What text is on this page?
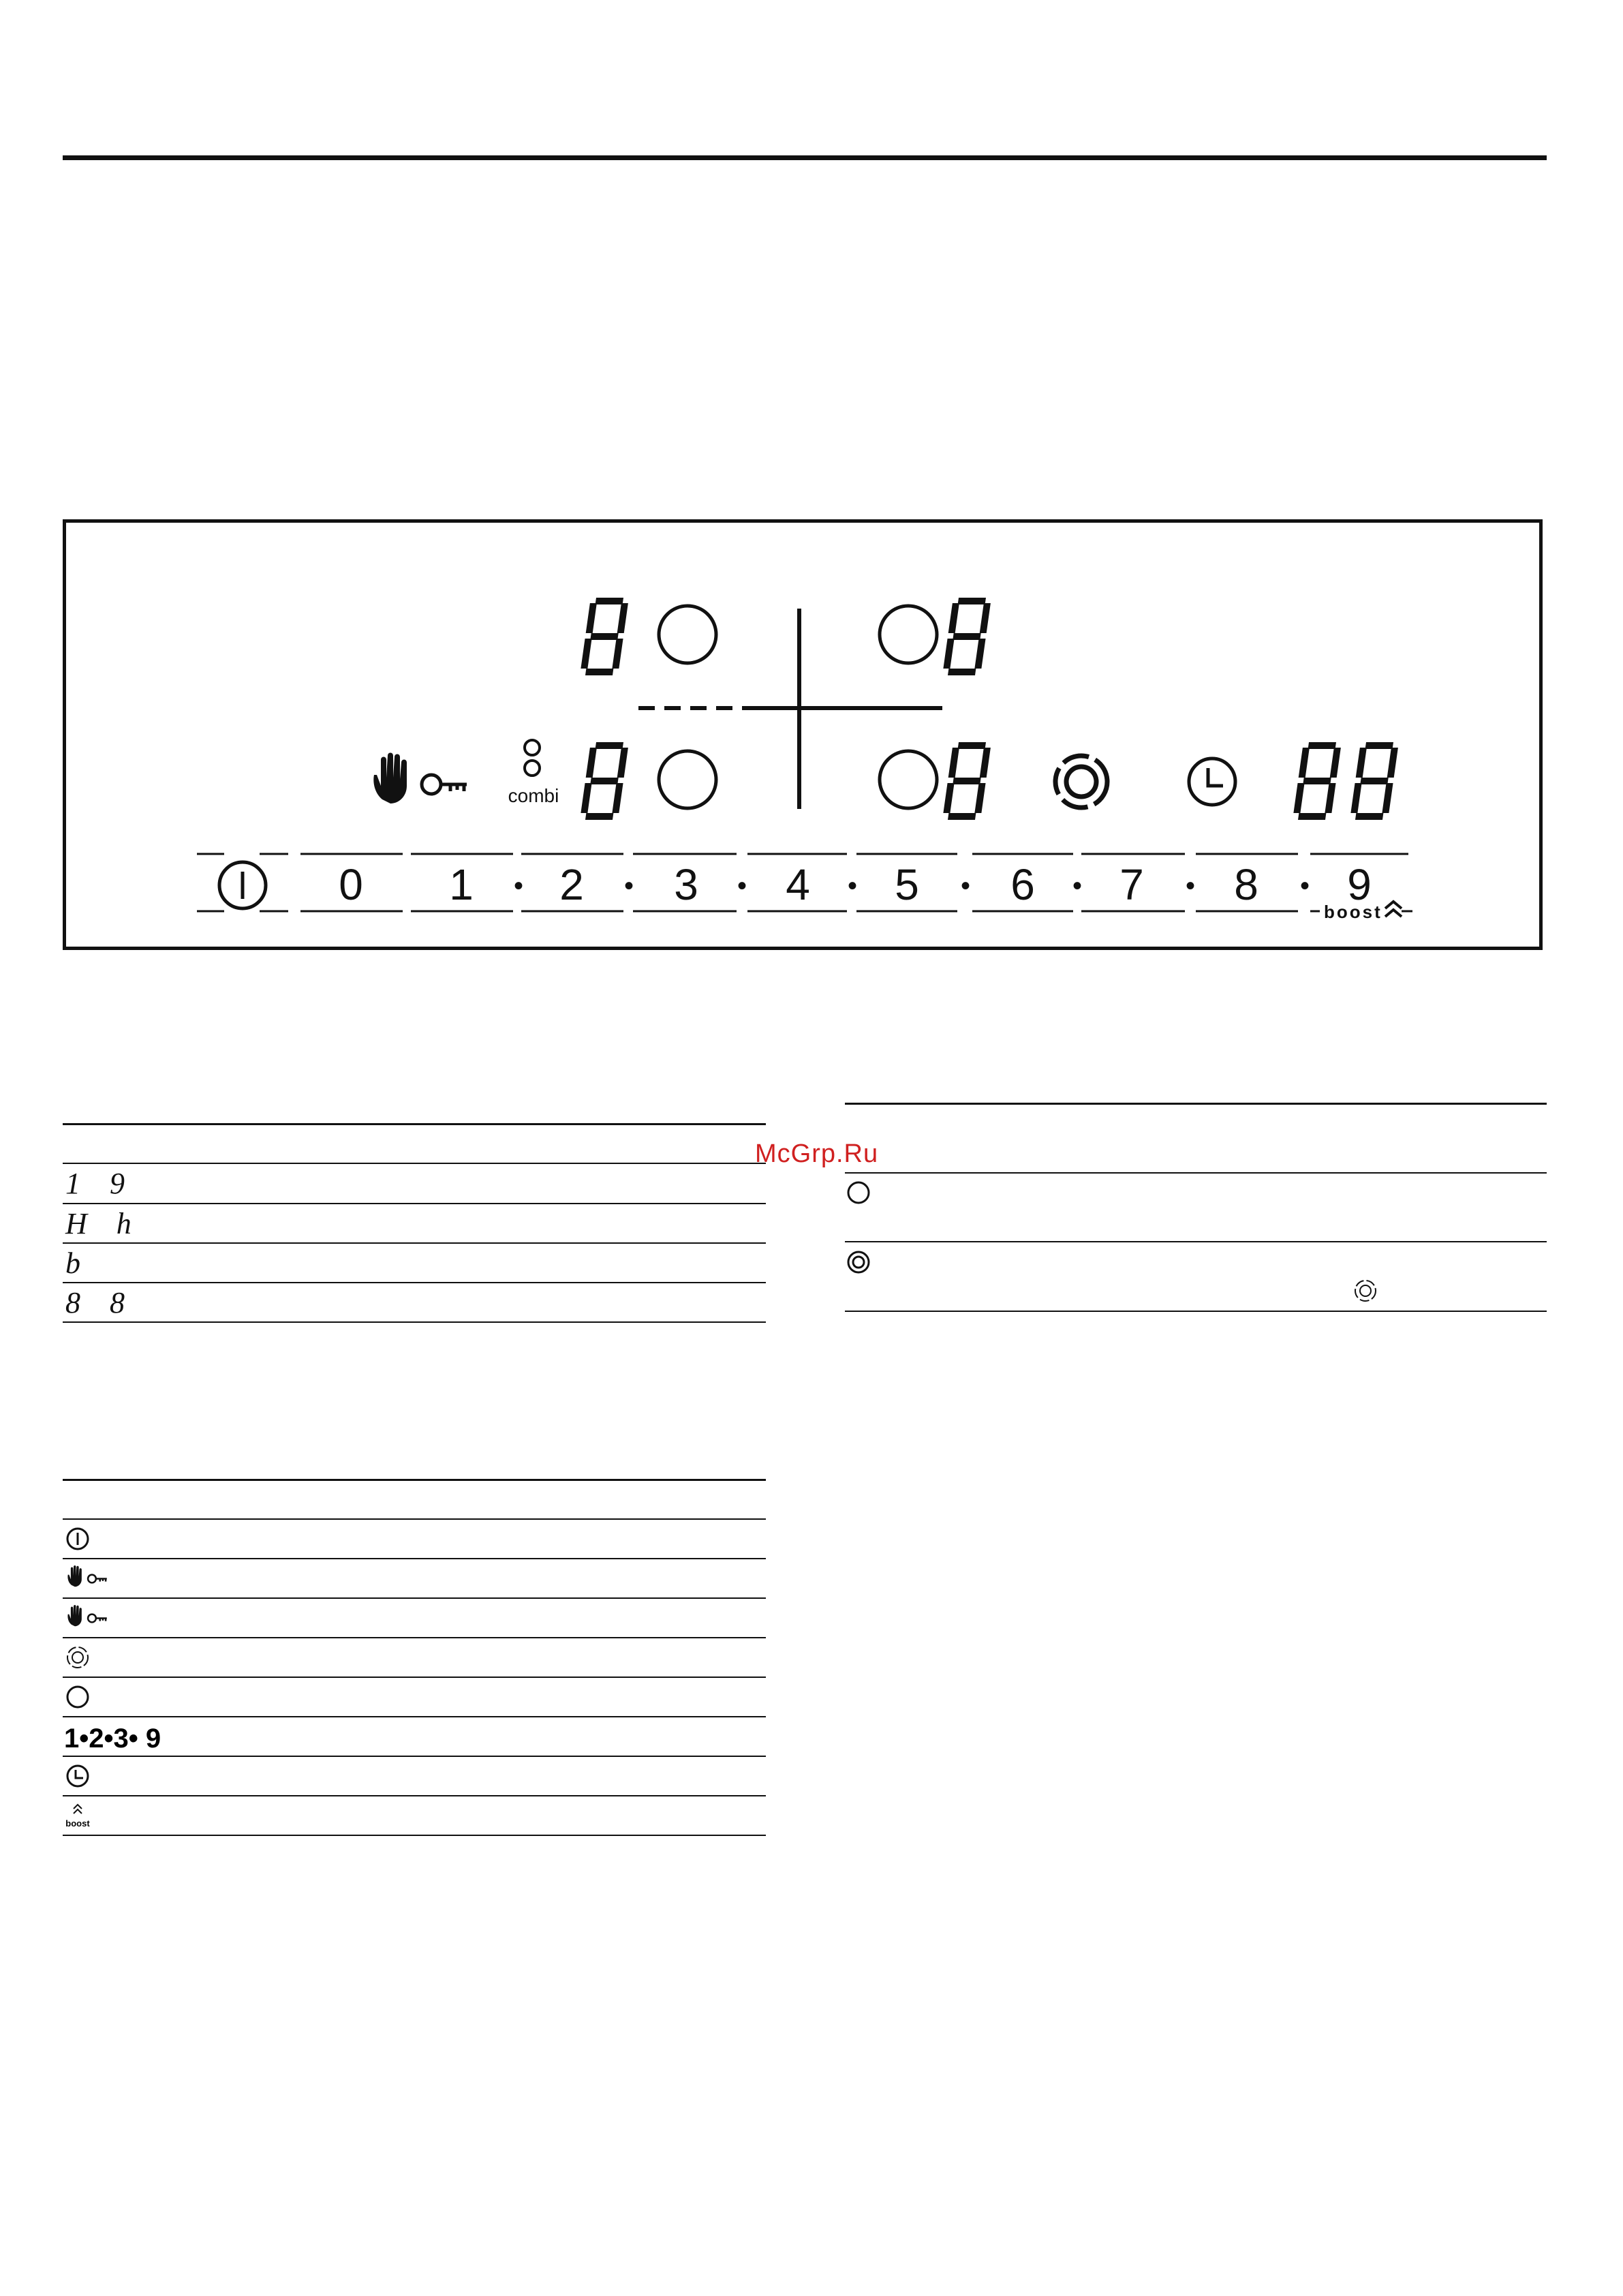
combi
0 1 2 3 4 5 6 7 8 9
•	•	•	•	•	•	•	•
boost
1 9
H h
b
8 8
McGrp.Ru
1•2•3• 9
boost
